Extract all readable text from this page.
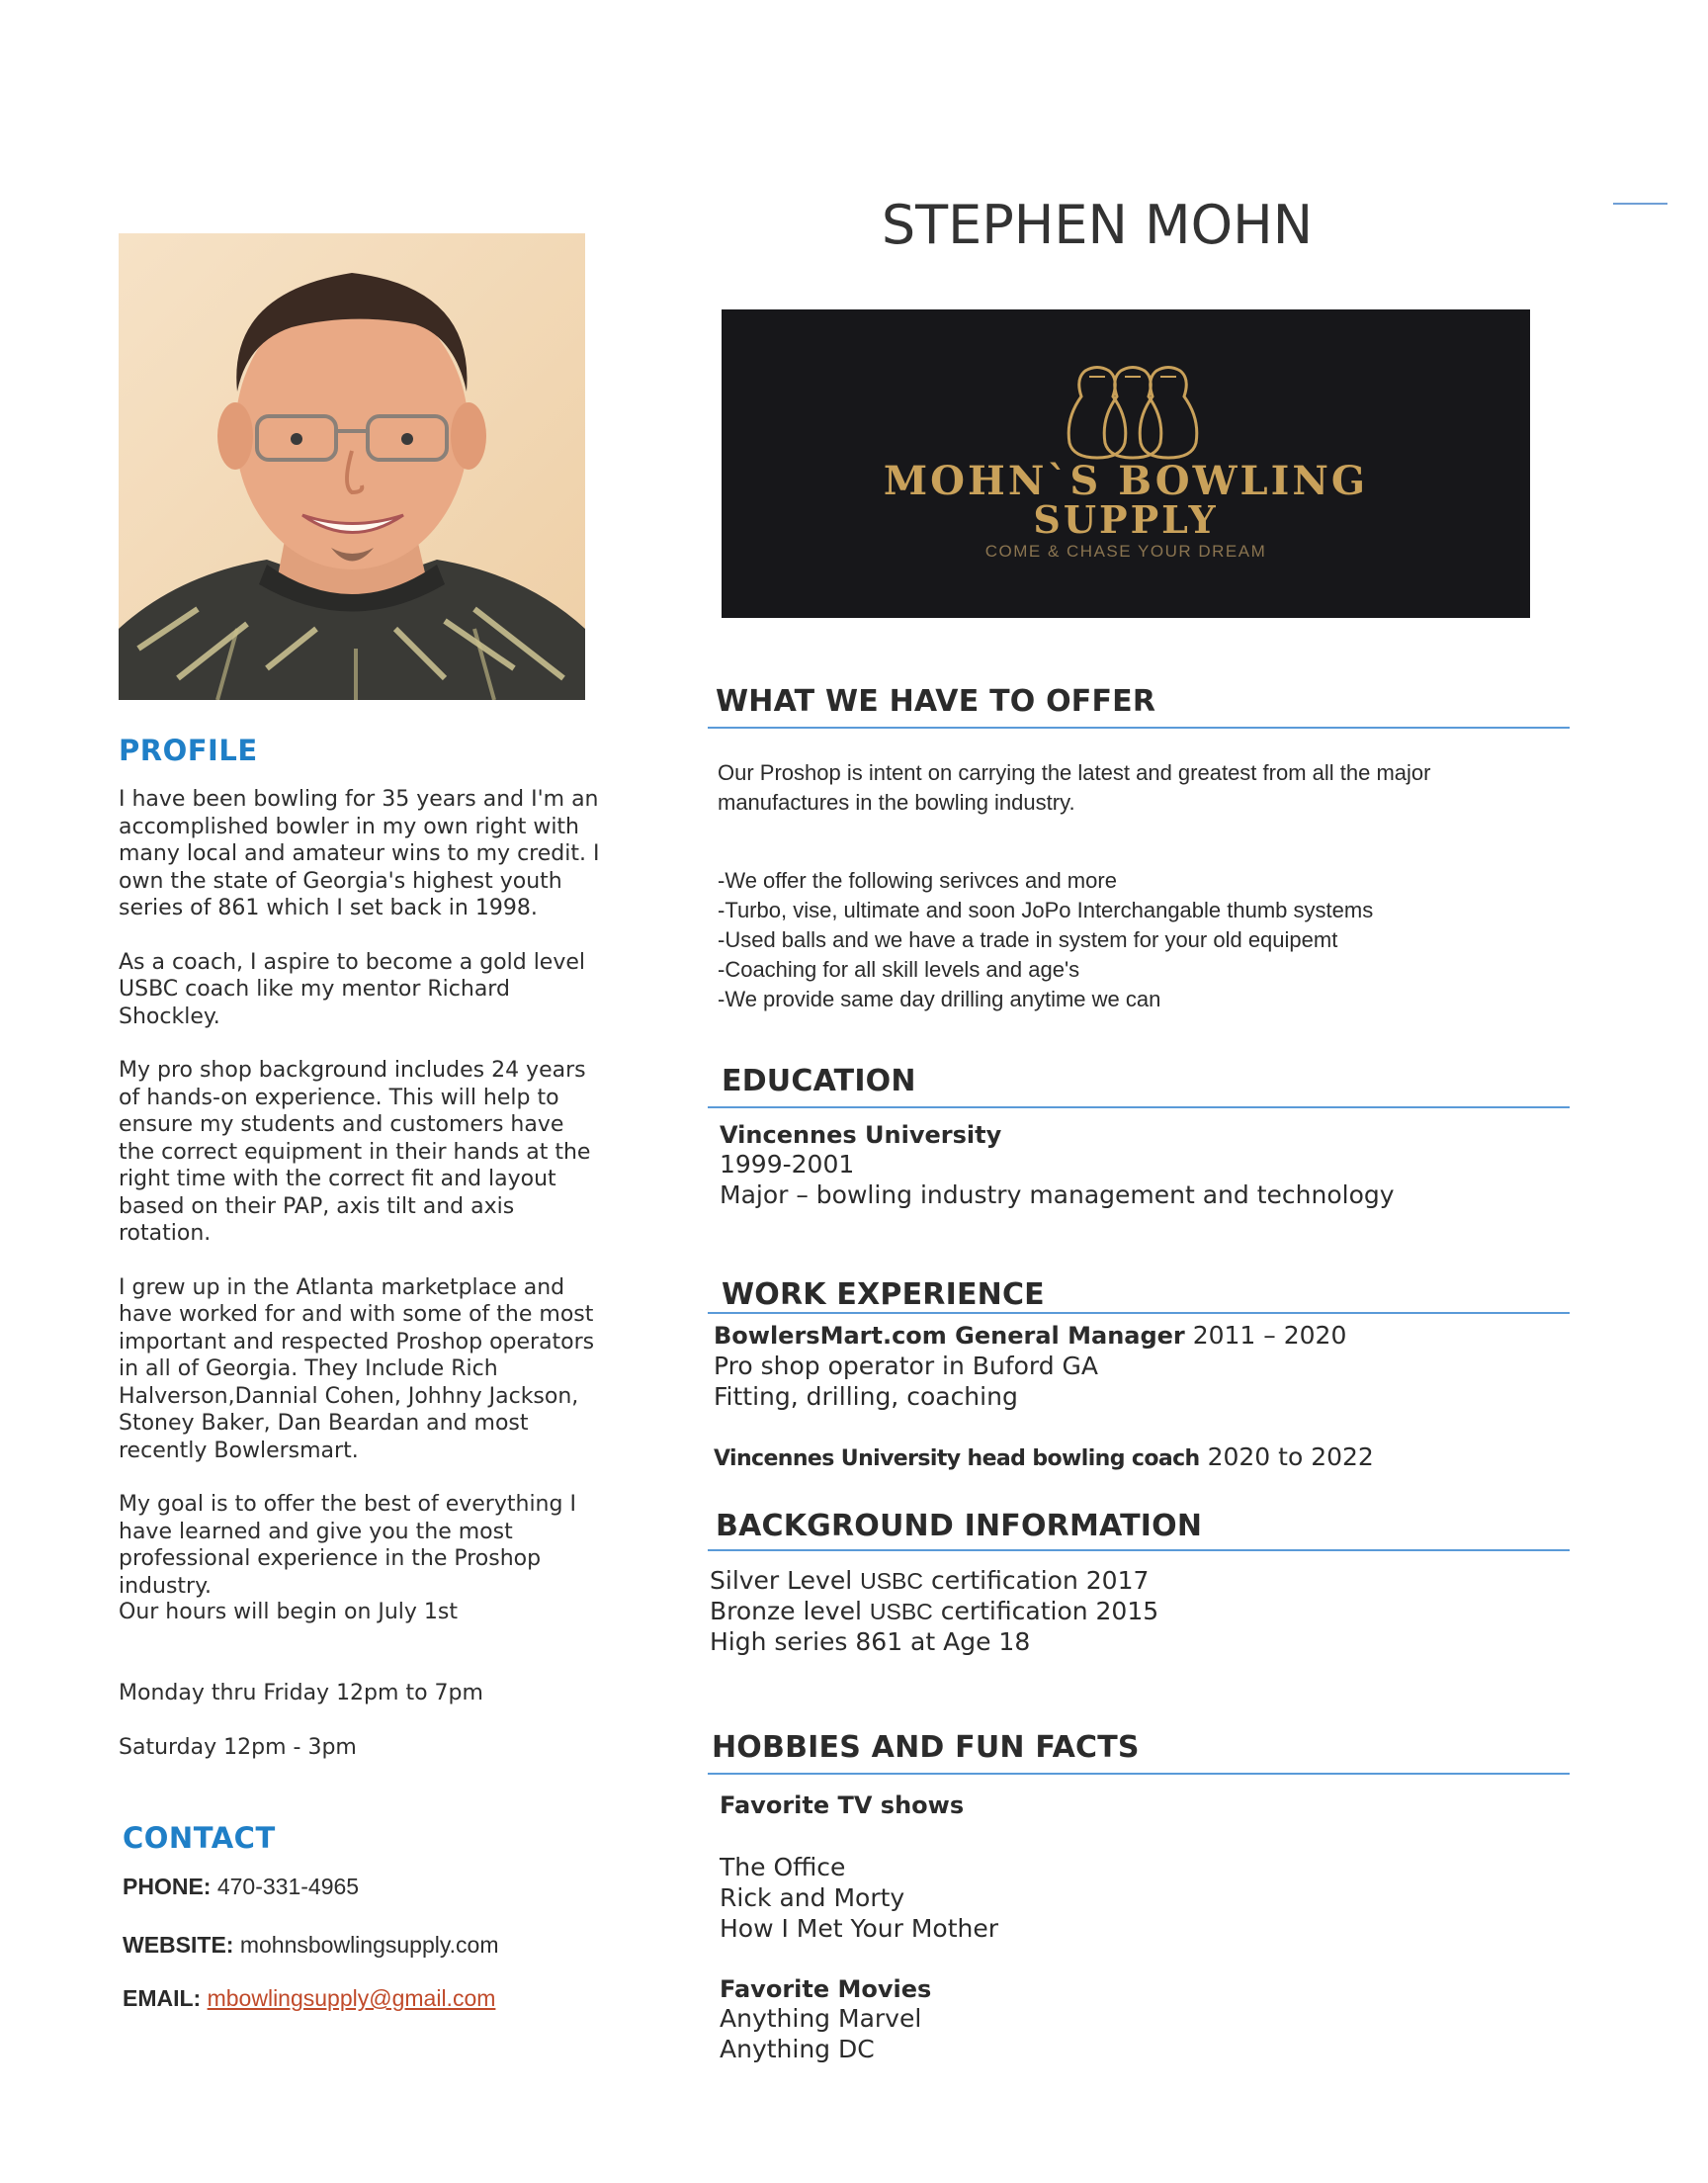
STEPHEN MOHN
MOHN`S BOWLING
SUPPLY
COME & CHASE YOUR DREAM
PROFILE

I have been bowling for 35 years and I'm an accomplished bowler in my own right with many local and amateur wins to my credit. I own the state of Georgia's highest youth series of 861 which I set back in 1998.

As a coach, I aspire to become a gold level USBC coach like my mentor Richard Shockley.

My pro shop background includes 24 years of hands-on experience. This will help to ensure my students and customers have the correct equipment in their hands at the right time with the correct fit and layout based on their PAP, axis tilt and axis rotation.

I grew up in the Atlanta marketplace and have worked for and with some of the most important and respected Proshop operators in all of Georgia. They Include Rich Halverson,Dannial Cohen, Johhny Jackson, Stoney Baker, Dan Beardan and most recently Bowlersmart.

My goal is to offer the best of everything I have learned and give you the most professional experience in the Proshop industry.

Our hours will begin on July 1st
Monday thru Friday 12pm to 7pm
Saturday 12pm - 3pm
CONTACT
PHONE: 470-331-4965
WEBSITE: mohnsbowlingsupply.com
EMAIL: mbowlingsupply@gmail.com
WHAT WE HAVE TO OFFER
Our Proshop is intent on carrying the latest and greatest from all the major
manufactures in the bowling industry.
-We offer the following serivces and more
-Turbo, vise, ultimate and soon JoPo Interchangable thumb systems
-Used balls and we have a trade in system for your old equipemt
-Coaching for all skill levels and age's
-We provide same day drilling anytime we can
EDUCATION
Vincennes University
1999-2001
Major – bowling industry management and technology
WORK EXPERIENCE
BowlersMart.com General Manager 2011 – 2020
Pro shop operator in Buford GA
Fitting, drilling, coaching
Vincennes University head bowling coach 2020 to 2022
BACKGROUND INFORMATION
Silver Level USBC certification 2017
Bronze level USBC certification 2015
High series 861 at Age 18
HOBBIES AND FUN FACTS
Favorite TV shows
The Office
Rick and Morty
How I Met Your Mother
Favorite Movies
Anything Marvel
Anything DC
